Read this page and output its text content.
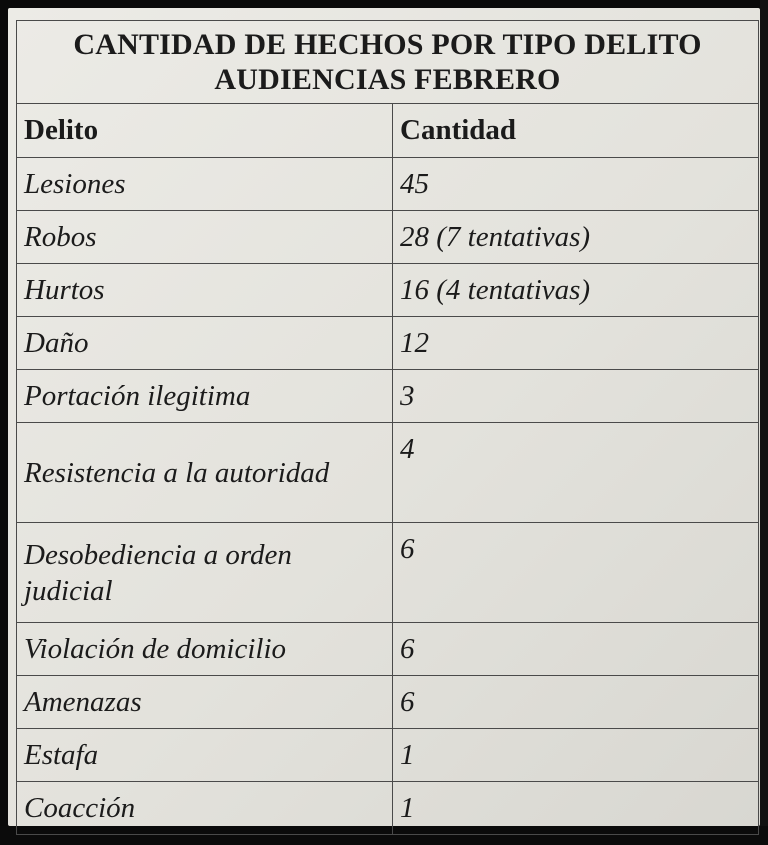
CANTIDAD DE HECHOS POR TIPO DELITO
AUDIENCIAS FEBRERO	

Delito	Cantidad
Lesiones	45
Robos	28 (7 tentativas)
Hurtos	16 (4 tentativas)
Daño	12
Portación ilegitima	3
Resistencia a la autoridad	4
Desobediencia a orden judicial	6
Violación de domicilio	6
Amenazas	6
Estafa	1
Coacción	1
